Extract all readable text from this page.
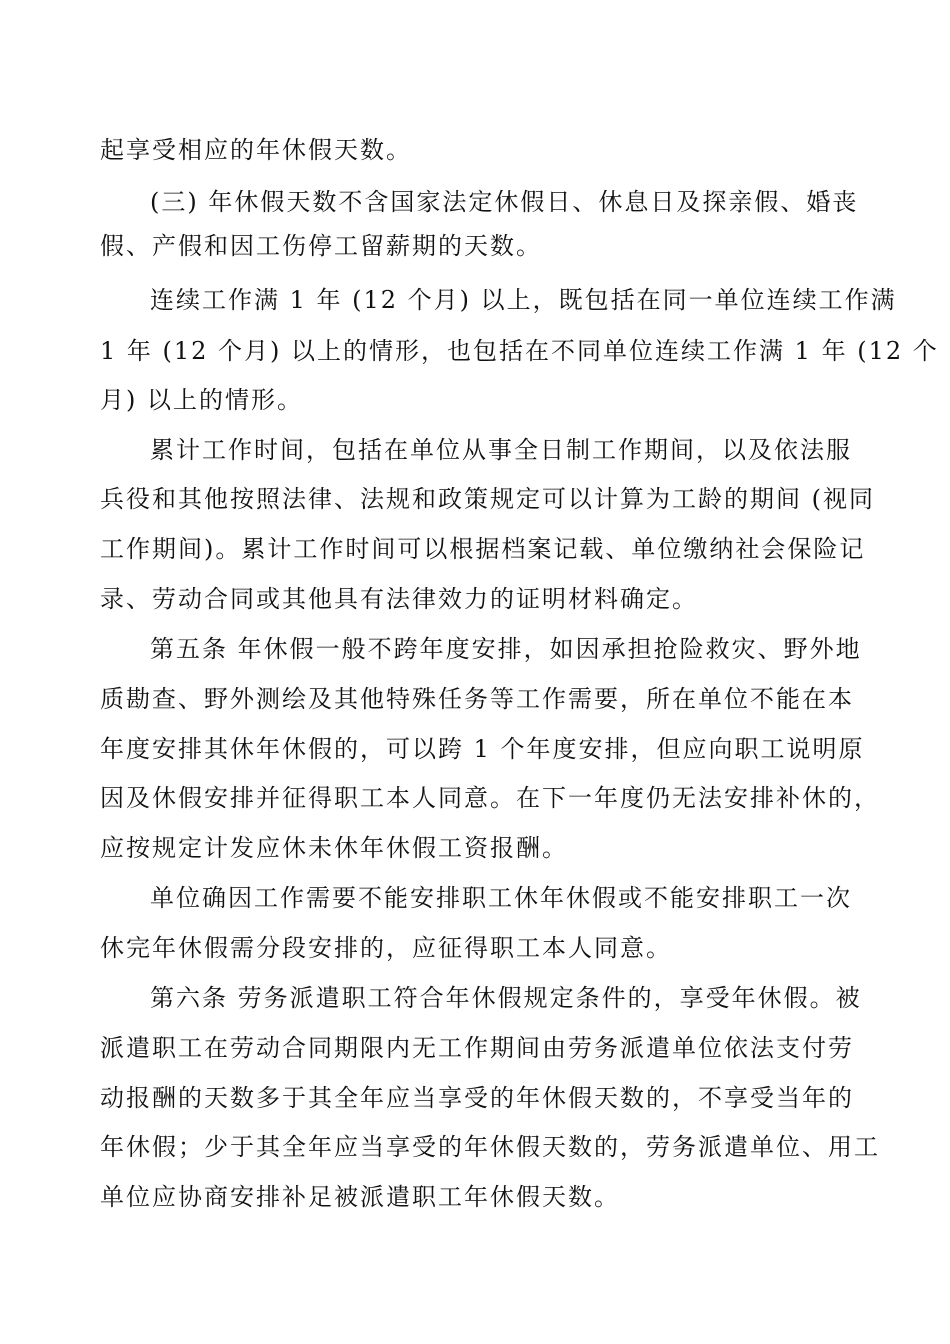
起享受相应的年休假天数。
(三) 年休假天数不含国家法定休假日、休息日及探亲假、婚丧
假、产假和因工伤停工留薪期的天数。
连续工作满 1 年 (12 个月) 以上，既包括在同一单位连续工作满
1 年 (12 个月) 以上的情形，也包括在不同单位连续工作满 1 年 (12 个
月) 以上的情形。
累计工作时间，包括在单位从事全日制工作期间，以及依法服
兵役和其他按照法律、法规和政策规定可以计算为工龄的期间 (视同
工作期间)。累计工作时间可以根据档案记载、单位缴纳社会保险记
录、劳动合同或其他具有法律效力的证明材料确定。
第五条 年休假一般不跨年度安排，如因承担抢险救灾、野外地
质勘查、野外测绘及其他特殊任务等工作需要，所在单位不能在本
年度安排其休年休假的，可以跨 1 个年度安排，但应向职工说明原
因及休假安排并征得职工本人同意。在下一年度仍无法安排补休的，
应按规定计发应休未休年休假工资报酬。
单位确因工作需要不能安排职工休年休假或不能安排职工一次
休完年休假需分段安排的，应征得职工本人同意。
第六条 劳务派遣职工符合年休假规定条件的，享受年休假。被
派遣职工在劳动合同期限内无工作期间由劳务派遣单位依法支付劳
动报酬的天数多于其全年应当享受的年休假天数的，不享受当年的
年休假；少于其全年应当享受的年休假天数的，劳务派遣单位、用工
单位应协商安排补足被派遣职工年休假天数。
